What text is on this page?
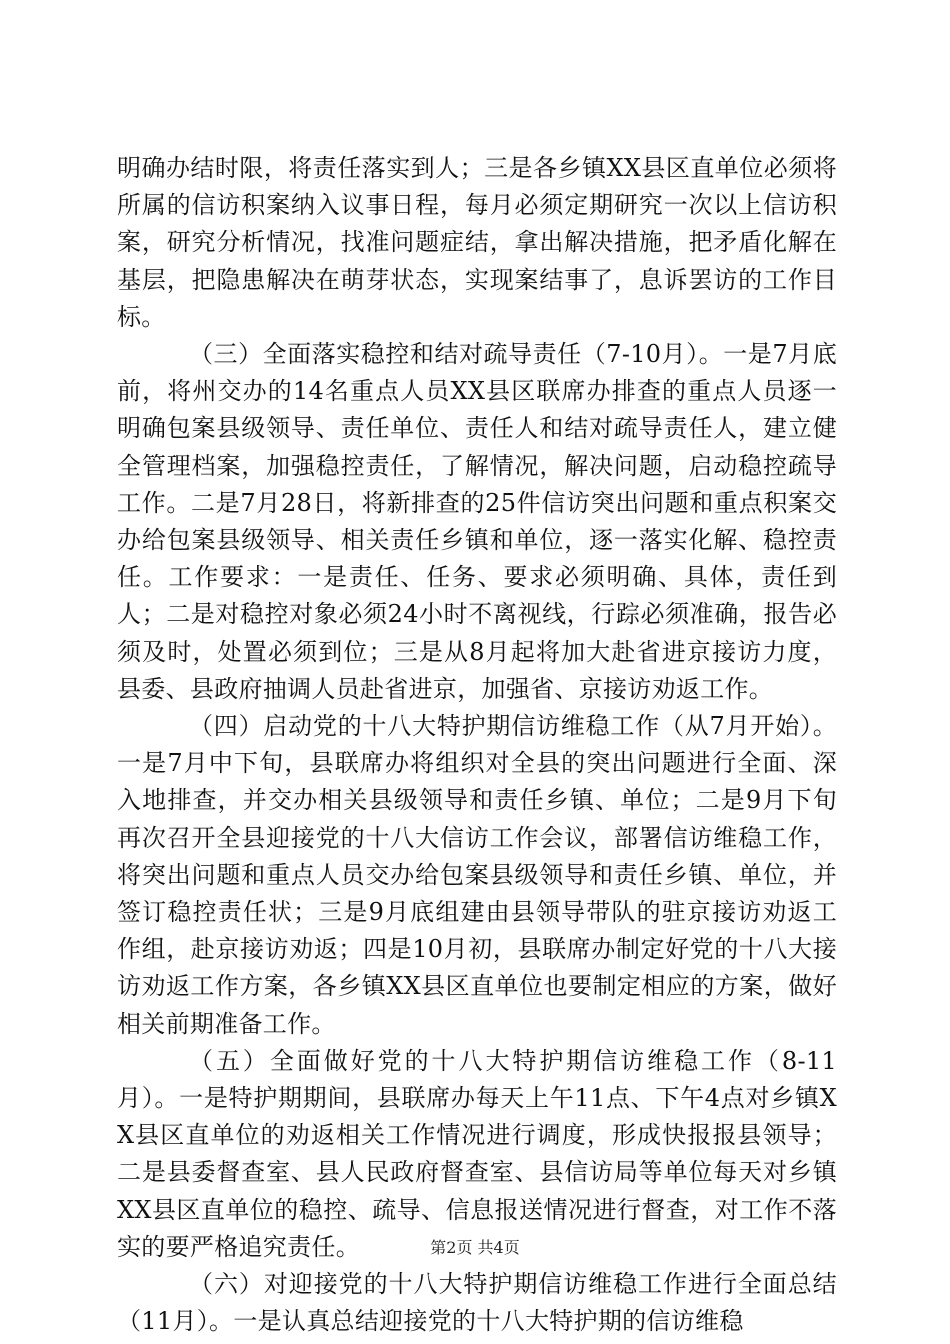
明确办结时限，将责任落实到人；三是各乡镇XX县区直单位必须将所属的信访积案纳入议事日程，每月必须定期研究一次以上信访积案，研究分析情况，找准问题症结，拿出解决措施，把矛盾化解在基层，把隐患解决在萌芽状态，实现案结事了，息诉罢访的工作目标。

（三）全面落实稳控和结对疏导责任（7-10月）。一是7月底前，将州交办的14名重点人员XX县区联席办排查的重点人员逐一明确包案县级领导、责任单位、责任人和结对疏导责任人，建立健全管理档案，加强稳控责任，了解情况，解决问题，启动稳控疏导工作。二是7月28日，将新排查的25件信访突出问题和重点积案交办给包案县级领导、相关责任乡镇和单位，逐一落实化解、稳控责任。工作要求：一是责任、任务、要求必须明确、具体，责任到人；二是对稳控对象必须24小时不离视线，行踪必须准确，报告必须及时，处置必须到位；三是从8月起将加大赴省进京接访力度，县委、县政府抽调人员赴省进京，加强省、京接访劝返工作。

（四）启动党的十八大特护期信访维稳工作（从7月开始）。一是7月中下旬，县联席办将组织对全县的突出问题进行全面、深入地排查，并交办相关县级领导和责任乡镇、单位；二是9月下旬再次召开全县迎接党的十八大信访工作会议，部署信访维稳工作，将突出问题和重点人员交办给包案县级领导和责任乡镇、单位，并签订稳控责任状；三是9月底组建由县领导带队的驻京接访劝返工作组，赴京接访劝返；四是10月初，县联席办制定好党的十八大接访劝返工作方案，各乡镇XX县区直单位也要制定相应的方案，做好相关前期准备工作。

（五）全面做好党的十八大特护期信访维稳工作（8-11月）。一是特护期期间，县联席办每天上午11点、下午4点对乡镇XX县区直单位的劝返相关工作情况进行调度，形成快报报县领导；二是县委督查室、县人民政府督查室、县信访局等单位每天对乡镇XX县区直单位的稳控、疏导、信息报送情况进行督查，对工作不落实的要严格追究责任。

（六）对迎接党的十八大特护期信访维稳工作进行全面总结（11月）。一是认真总结迎接党的十八大特护期的信访维稳

第2页 共4页
